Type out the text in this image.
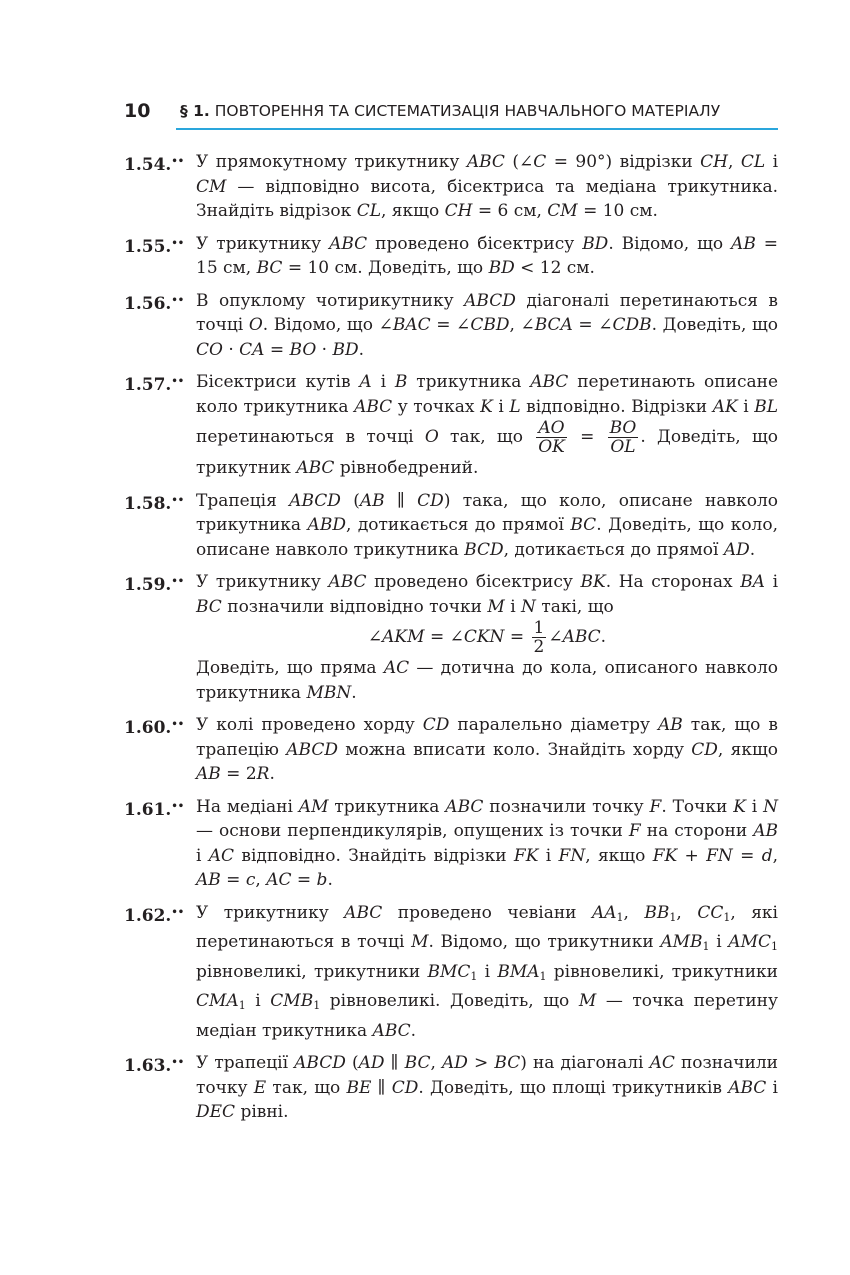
10 § 1. ПОВТОРЕННЯ ТА СИСТЕМАТИЗАЦІЯ НАВЧАЛЬНОГО МАТЕРІАЛУ
1.54.•• У прямокутному трикутнику ABC (∠C = 90°) відрізки CH, CL і CM — відповідно висота, бісектриса та медіана трикутника. Знайдіть відрізок CL, якщо CH = 6 см, CM = 10 см.

1.55.•• У трикутнику ABC проведено бісектрису BD. Відомо, що AB = 15 см, BC = 10 см. Доведіть, що BD < 12 см.

1.56.•• В опуклому чотирикутнику ABCD діагоналі перетинаються в точці O. Відомо, що ∠BAC = ∠CBD, ∠BCA = ∠CDB. Доведіть, що CO · CA = BO · BD.

1.57.•• Бісектриси кутів A і B трикутника ABC перетинають описане коло трикутника ABC у точках K і L відповідно. Відрізки AK і BL перетинаються в точці O так, що $\frac{AO}{OK} = \frac{BO}{OL}$ . Доведіть, що трикутник ABC рівнобедрений.

1.58.•• Трапеція ABCD (AB ∥ CD) така, що коло, описане навколо трикутника ABD, дотикається до прямої BC. Доведіть, що коло, описане навколо трикутника BCD, дотикається до прямої AD.

1.59.•• У трикутнику ABC проведено бісектрису BK. На сторонах BA і BC позначили відповідно точки M і N такі, що

∠AKM = ∠CKN = $\frac{1}{2}$ ∠ABC.

Доведіть, що пряма AC — дотична до кола, описаного навколо трикутника MBN.

1.60.•• У колі проведено хорду CD паралельно діаметру AB так, що в трапецію ABCD можна вписати коло. Знайдіть хорду CD, якщо AB = 2R.

1.61.•• На медіані AM трикутника ABC позначили точку F. Точки K і N — основи перпендикулярів, опущених із точки F на сторони AB і AC відповідно. Знайдіть відрізки FK і FN, якщо FK + FN = d, AB = c, AC = b.

1.62.•• У трикутнику ABC проведено чевіани $AA_1$, $BB_1$, $CC_1$, які перетинаються в точці M. Відомо, що трикутники $AMB_1$ і $AMC_1$ рівновеликі, трикутники $BMC_1$ і $BMA_1$ рівновеликі, трикутники $CMA_1$ і $CMB_1$ рівновеликі. Доведіть, що M — точка перетину медіан трикутника ABC.

1.63.•• У трапеції ABCD (AD ∥ BC, AD > BC) на діагоналі AC позначили точку E так, що BE ∥ CD. Доведіть, що площі трикутників ABC і DEC рівні.
